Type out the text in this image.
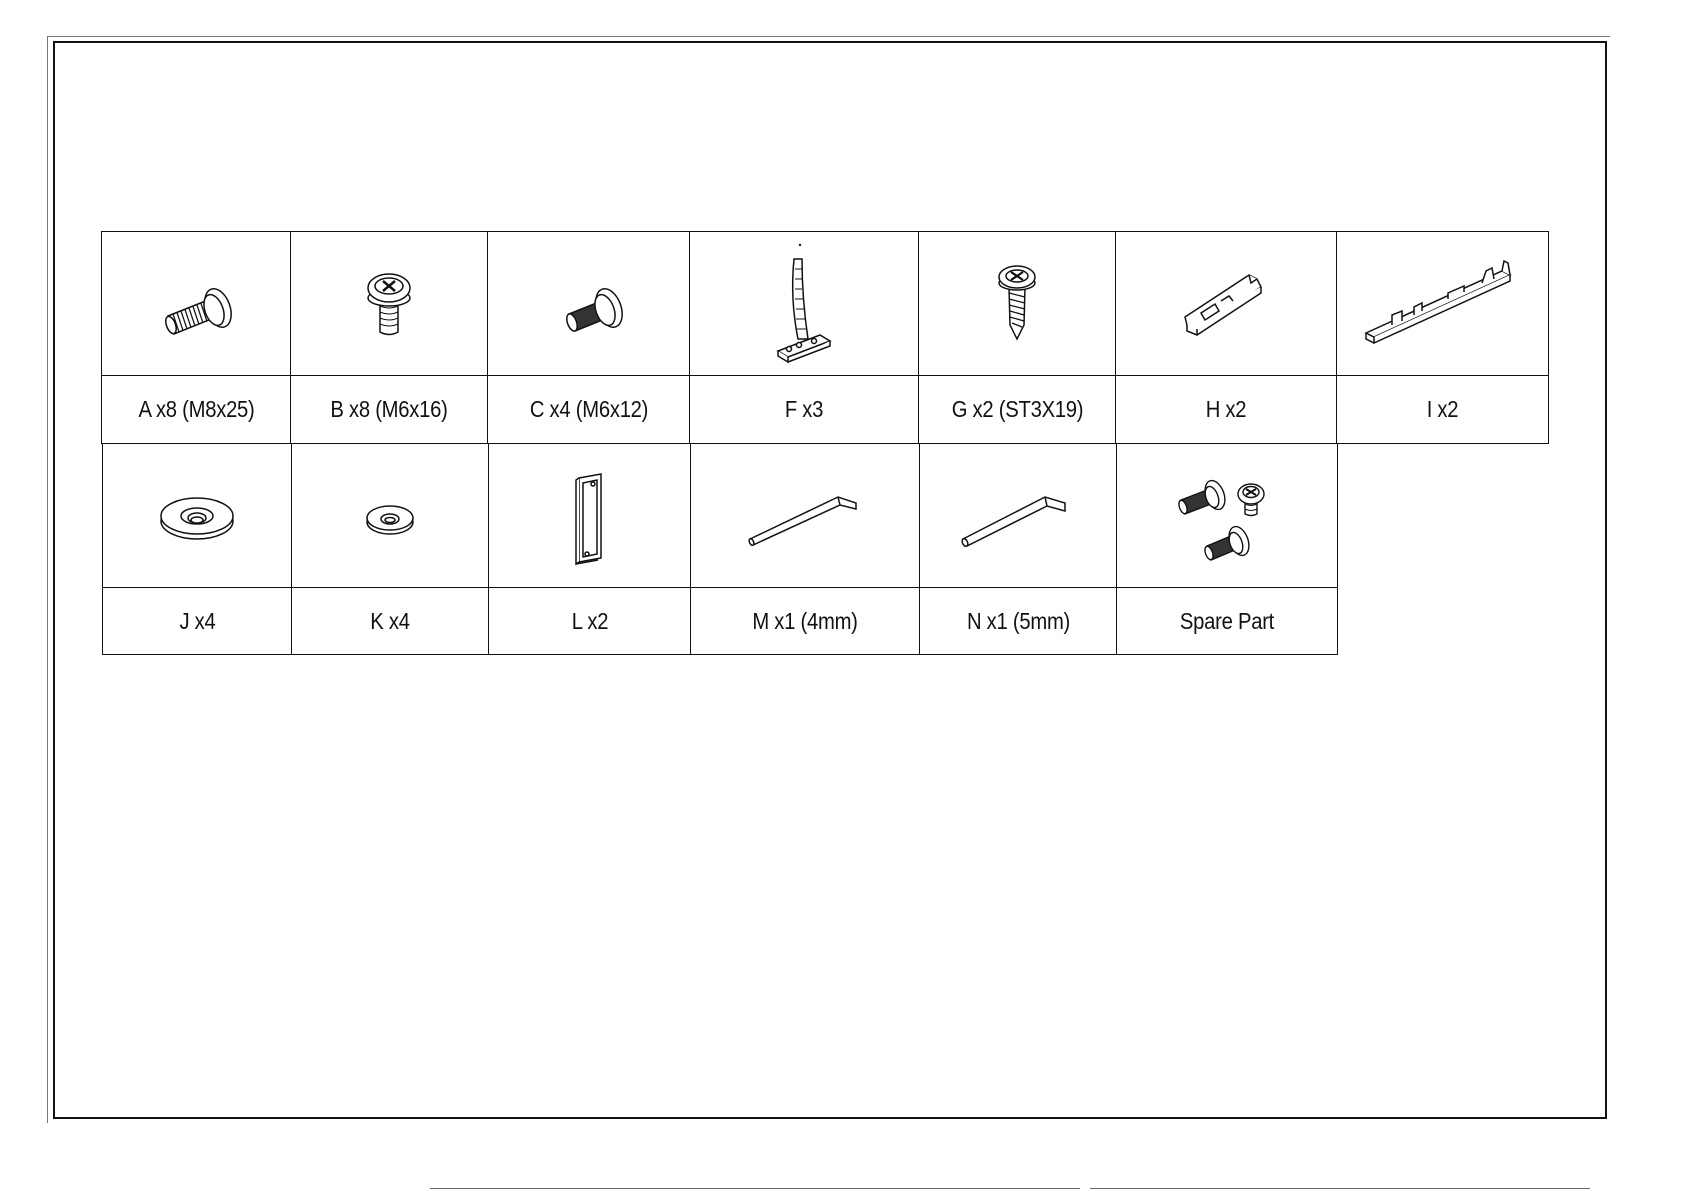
A x8 (M8x25)	B x8 (M6x16)	C x4 (M6x12)	F x3	G x2 (ST3X19)	H x2	I x2
J x4	K x4	L x2	M x1 (4mm)	N x1 (5mm)	Spare Part
